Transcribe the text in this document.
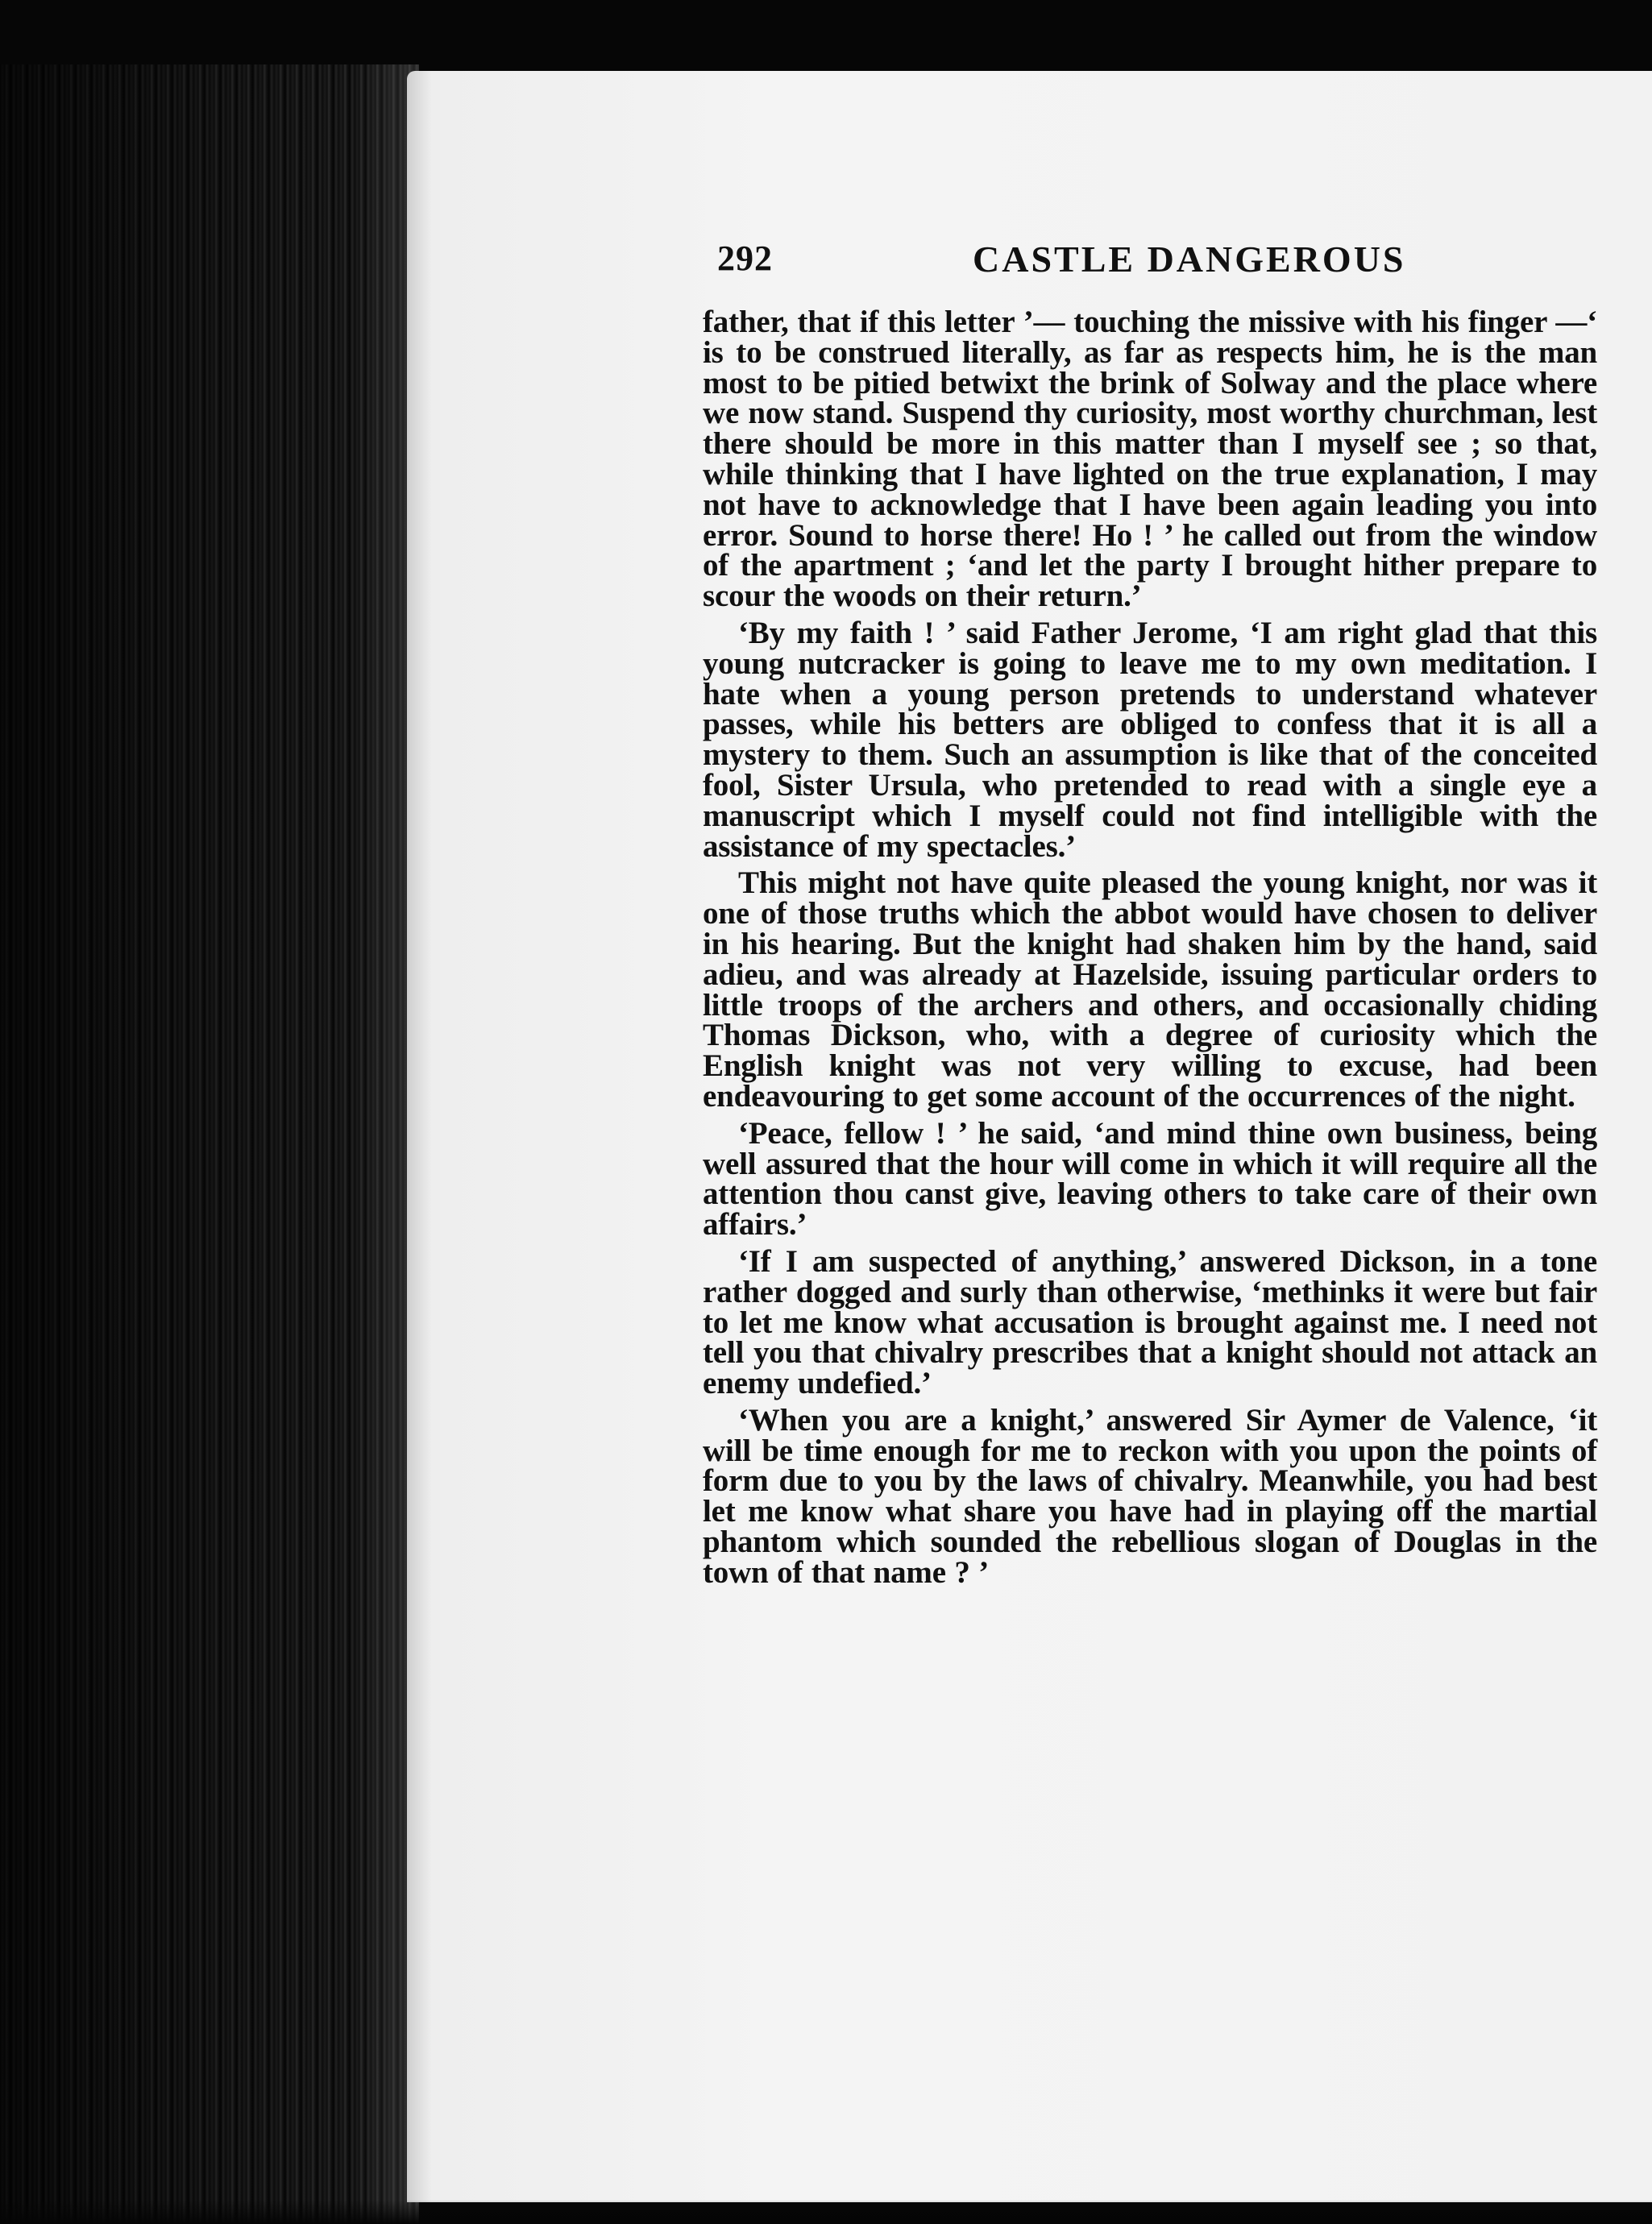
292	CASTLE DANGEROUS

father, that if this letter ’— touching the missive with his finger —‘ is to be construed literally, as far as respects him, he is the man most to be pitied betwixt the brink of Solway and the place where we now stand. Suspend thy curiosity, most worthy churchman, lest there should be more in this matter than I myself see ; so that, while thinking that I have lighted on the true explanation, I may not have to acknowledge that I have been again leading you into error. Sound to horse there! Ho ! ’ he called out from the window of the apartment ; ‘and let the party I brought hither prepare to scour the woods on their return.’

‘By my faith ! ’ said Father Jerome, ‘I am right glad that this young nutcracker is going to leave me to my own meditation. I hate when a young person pretends to understand whatever passes, while his betters are obliged to confess that it is all a mystery to them. Such an assumption is like that of the conceited fool, Sister Ursula, who pretended to read with a single eye a manuscript which I myself could not find intelligible with the assistance of my spectacles.’

This might not have quite pleased the young knight, nor was it one of those truths which the abbot would have chosen to deliver in his hearing. But the knight had shaken him by the hand, said adieu, and was already at Hazelside, issuing particular orders to little troops of the archers and others, and occasionally chiding Thomas Dickson, who, with a degree of curiosity which the English knight was not very willing to excuse, had been endeavouring to get some account of the occurrences of the night.

‘Peace, fellow ! ’ he said, ‘and mind thine own business, being well assured that the hour will come in which it will require all the attention thou canst give, leaving others to take care of their own affairs.’

‘If I am suspected of anything,’ answered Dickson, in a tone rather dogged and surly than otherwise, ‘methinks it were but fair to let me know what accusation is brought against me. I need not tell you that chivalry prescribes that a knight should not attack an enemy undefied.’

‘When you are a knight,’ answered Sir Aymer de Valence, ‘it will be time enough for me to reckon with you upon the points of form due to you by the laws of chivalry. Meanwhile, you had best let me know what share you have had in playing off the martial phantom which sounded the rebellious slogan of Douglas in the town of that name ? ’
